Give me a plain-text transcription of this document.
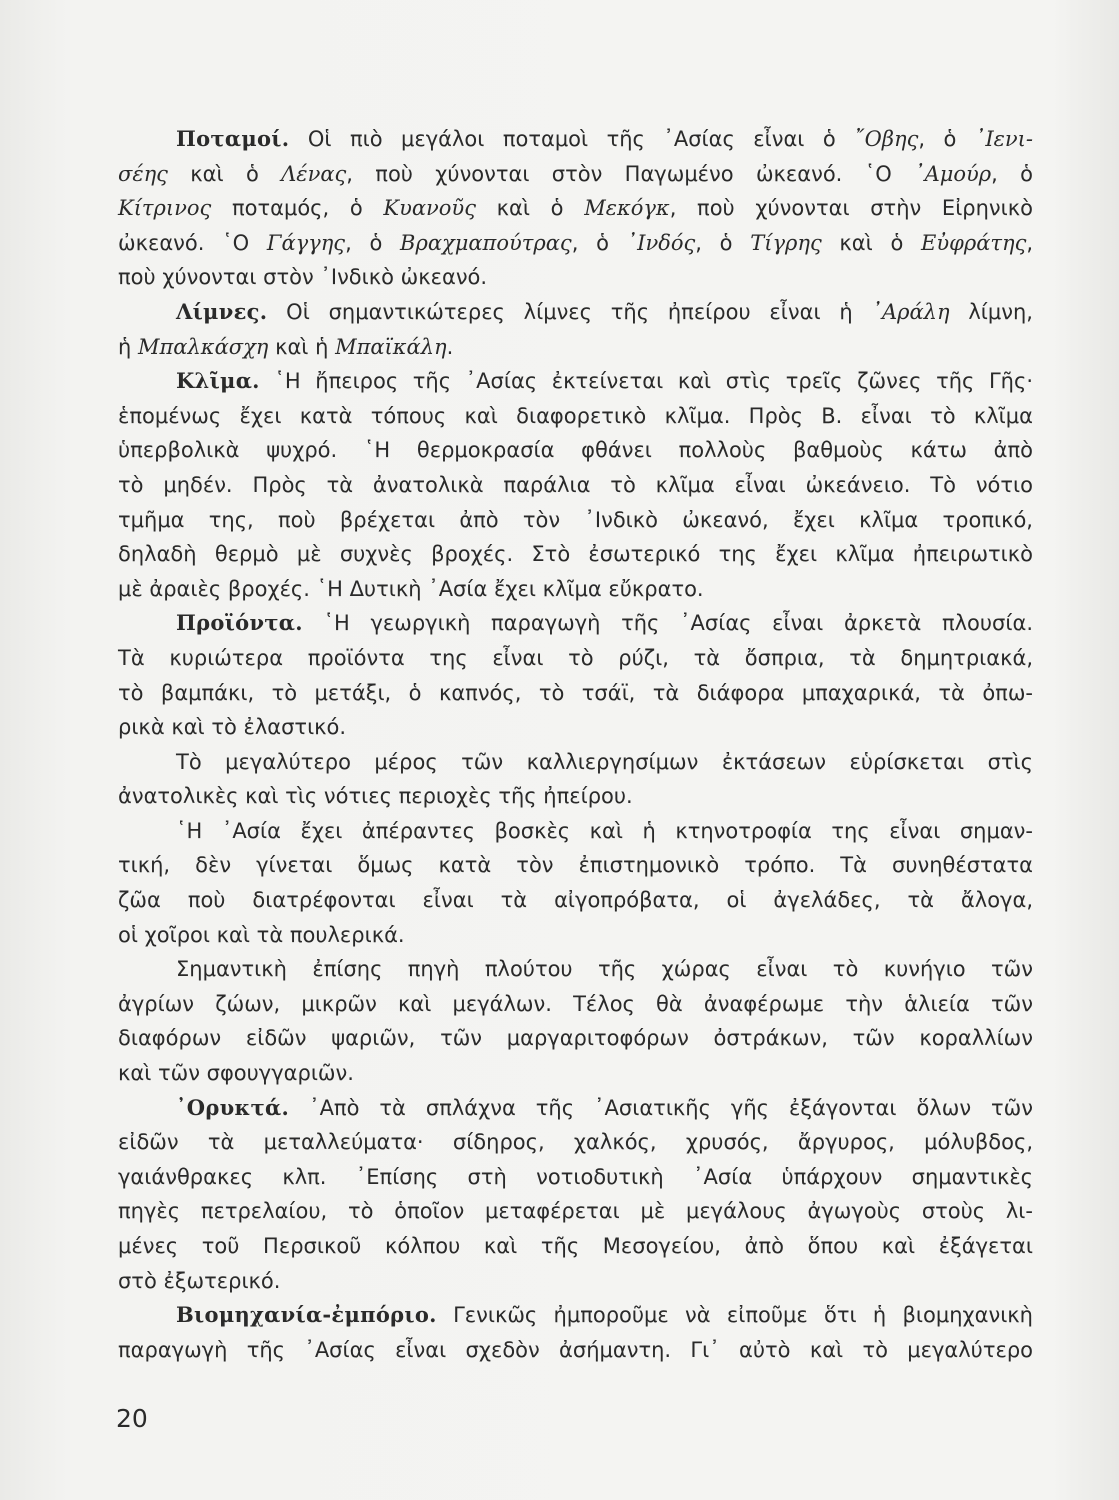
Ποταμοί. Οἱ πιὸ μεγάλοι ποταμοὶ τῆς ᾿Ασίας εἶναι ὁ ῎Οβης, ὁ ᾿Ιενι-
σέης καὶ ὁ Λένας, ποὺ χύνονται στὸν Παγωμένο ὠκεανό. ῾Ο ᾿Αμούρ, ὁ
Κίτρινος ποταμός, ὁ Κυανοῦς καὶ ὁ Μεκόγκ, ποὺ χύνονται στὴν Εἰρηνικὸ
ὠκεανό. ῾Ο Γάγγης, ὁ Βραχμαπούτρας, ὁ ᾿Ινδός, ὁ Τίγρης καὶ ὁ Εὐφράτης,
ποὺ χύνονται στὸν ᾿Ινδικὸ ὠκεανό.
Λίμνες. Οἱ σημαντικώτερες λίμνες τῆς ἠπείρου εἶναι ἡ ᾿Αράλη λίμνη,
ἡ Μπαλκάσχη καὶ ἡ Μπαϊκάλη.
Κλῖμα. ῾Η ἤπειρος τῆς ᾿Ασίας ἐκτείνεται καὶ στὶς τρεῖς ζῶνες τῆς Γῆς·
ἑπομένως ἔχει κατὰ τόπους καὶ διαφορετικὸ κλῖμα. Πρὸς Β. εἶναι τὸ κλῖμα
ὑπερβολικὰ ψυχρό. ῾Η θερμοκρασία φθάνει πολλοὺς βαθμοὺς κάτω ἀπὸ
τὸ μηδέν. Πρὸς τὰ ἀνατολικὰ παράλια τὸ κλῖμα εἶναι ὠκεάνειο. Τὸ νότιο
τμῆμα της, ποὺ βρέχεται ἀπὸ τὸν ᾿Ινδικὸ ὠκεανό, ἔχει κλῖμα τροπικό,
δηλαδὴ θερμὸ μὲ συχνὲς βροχές. Στὸ ἐσωτερικό της ἔχει κλῖμα ἠπειρωτικὸ
μὲ ἀραιὲς βροχές. ῾Η Δυτικὴ ᾿Ασία ἔχει κλῖμα εὔκρατο.
Προϊόντα. ῾Η γεωργικὴ παραγωγὴ τῆς ᾿Ασίας εἶναι ἀρκετὰ πλουσία.
Τὰ κυριώτερα προϊόντα της εἶναι τὸ ρύζι, τὰ ὄσπρια, τὰ δημητριακά,
τὸ βαμπάκι, τὸ μετάξι, ὁ καπνός, τὸ τσάϊ, τὰ διάφορα μπαχαρικά, τὰ ὀπω-
ρικὰ καὶ τὸ ἐλαστικό.
Τὸ μεγαλύτερο μέρος τῶν καλλιεργησίμων ἐκτάσεων εὑρίσκεται στὶς
ἀνατολικὲς καὶ τὶς νότιες περιοχὲς τῆς ἠπείρου.
῾Η ᾿Ασία ἔχει ἀπέραντες βοσκὲς καὶ ἡ κτηνοτροφία της εἶναι σημαν-
τική, δὲν γίνεται ὅμως κατὰ τὸν ἐπιστημονικὸ τρόπο. Τὰ συνηθέστατα
ζῶα ποὺ διατρέφονται εἶναι τὰ αἰγοπρόβατα, οἱ ἀγελάδες, τὰ ἄλογα,
οἱ χοῖροι καὶ τὰ πουλερικά.
Σημαντικὴ ἐπίσης πηγὴ πλούτου τῆς χώρας εἶναι τὸ κυνήγιο τῶν
ἀγρίων ζώων, μικρῶν καὶ μεγάλων. Τέλος θὰ ἀναφέρωμε τὴν ἁλιεία τῶν
διαφόρων εἰδῶν ψαριῶν, τῶν μαργαριτοφόρων ὀστράκων, τῶν κοραλλίων
καὶ τῶν σφουγγαριῶν.
᾿Ορυκτά. ᾿Απὸ τὰ σπλάχνα τῆς ᾿Ασιατικῆς γῆς ἐξάγονται ὅλων τῶν
εἰδῶν τὰ μεταλλεύματα· σίδηρος, χαλκός, χρυσός, ἄργυρος, μόλυβδος,
γαιάνθρακες κλπ. ᾿Επίσης στὴ νοτιοδυτικὴ ᾿Ασία ὑπάρχουν σημαντικὲς
πηγὲς πετρελαίου, τὸ ὁποῖον μεταφέρεται μὲ μεγάλους ἀγωγοὺς στοὺς λι-
μένες τοῦ Περσικοῦ κόλπου καὶ τῆς Μεσογείου, ἀπὸ ὅπου καὶ ἐξάγεται
στὸ ἐξωτερικό.
Βιομηχανία-ἐμπόριο. Γενικῶς ἠμποροῦμε νὰ εἰποῦμε ὅτι ἡ βιομηχανικὴ
παραγωγὴ τῆς ᾿Ασίας εἶναι σχεδὸν ἀσήμαντη. Γι᾿ αὐτὸ καὶ τὸ μεγαλύτερο
20
